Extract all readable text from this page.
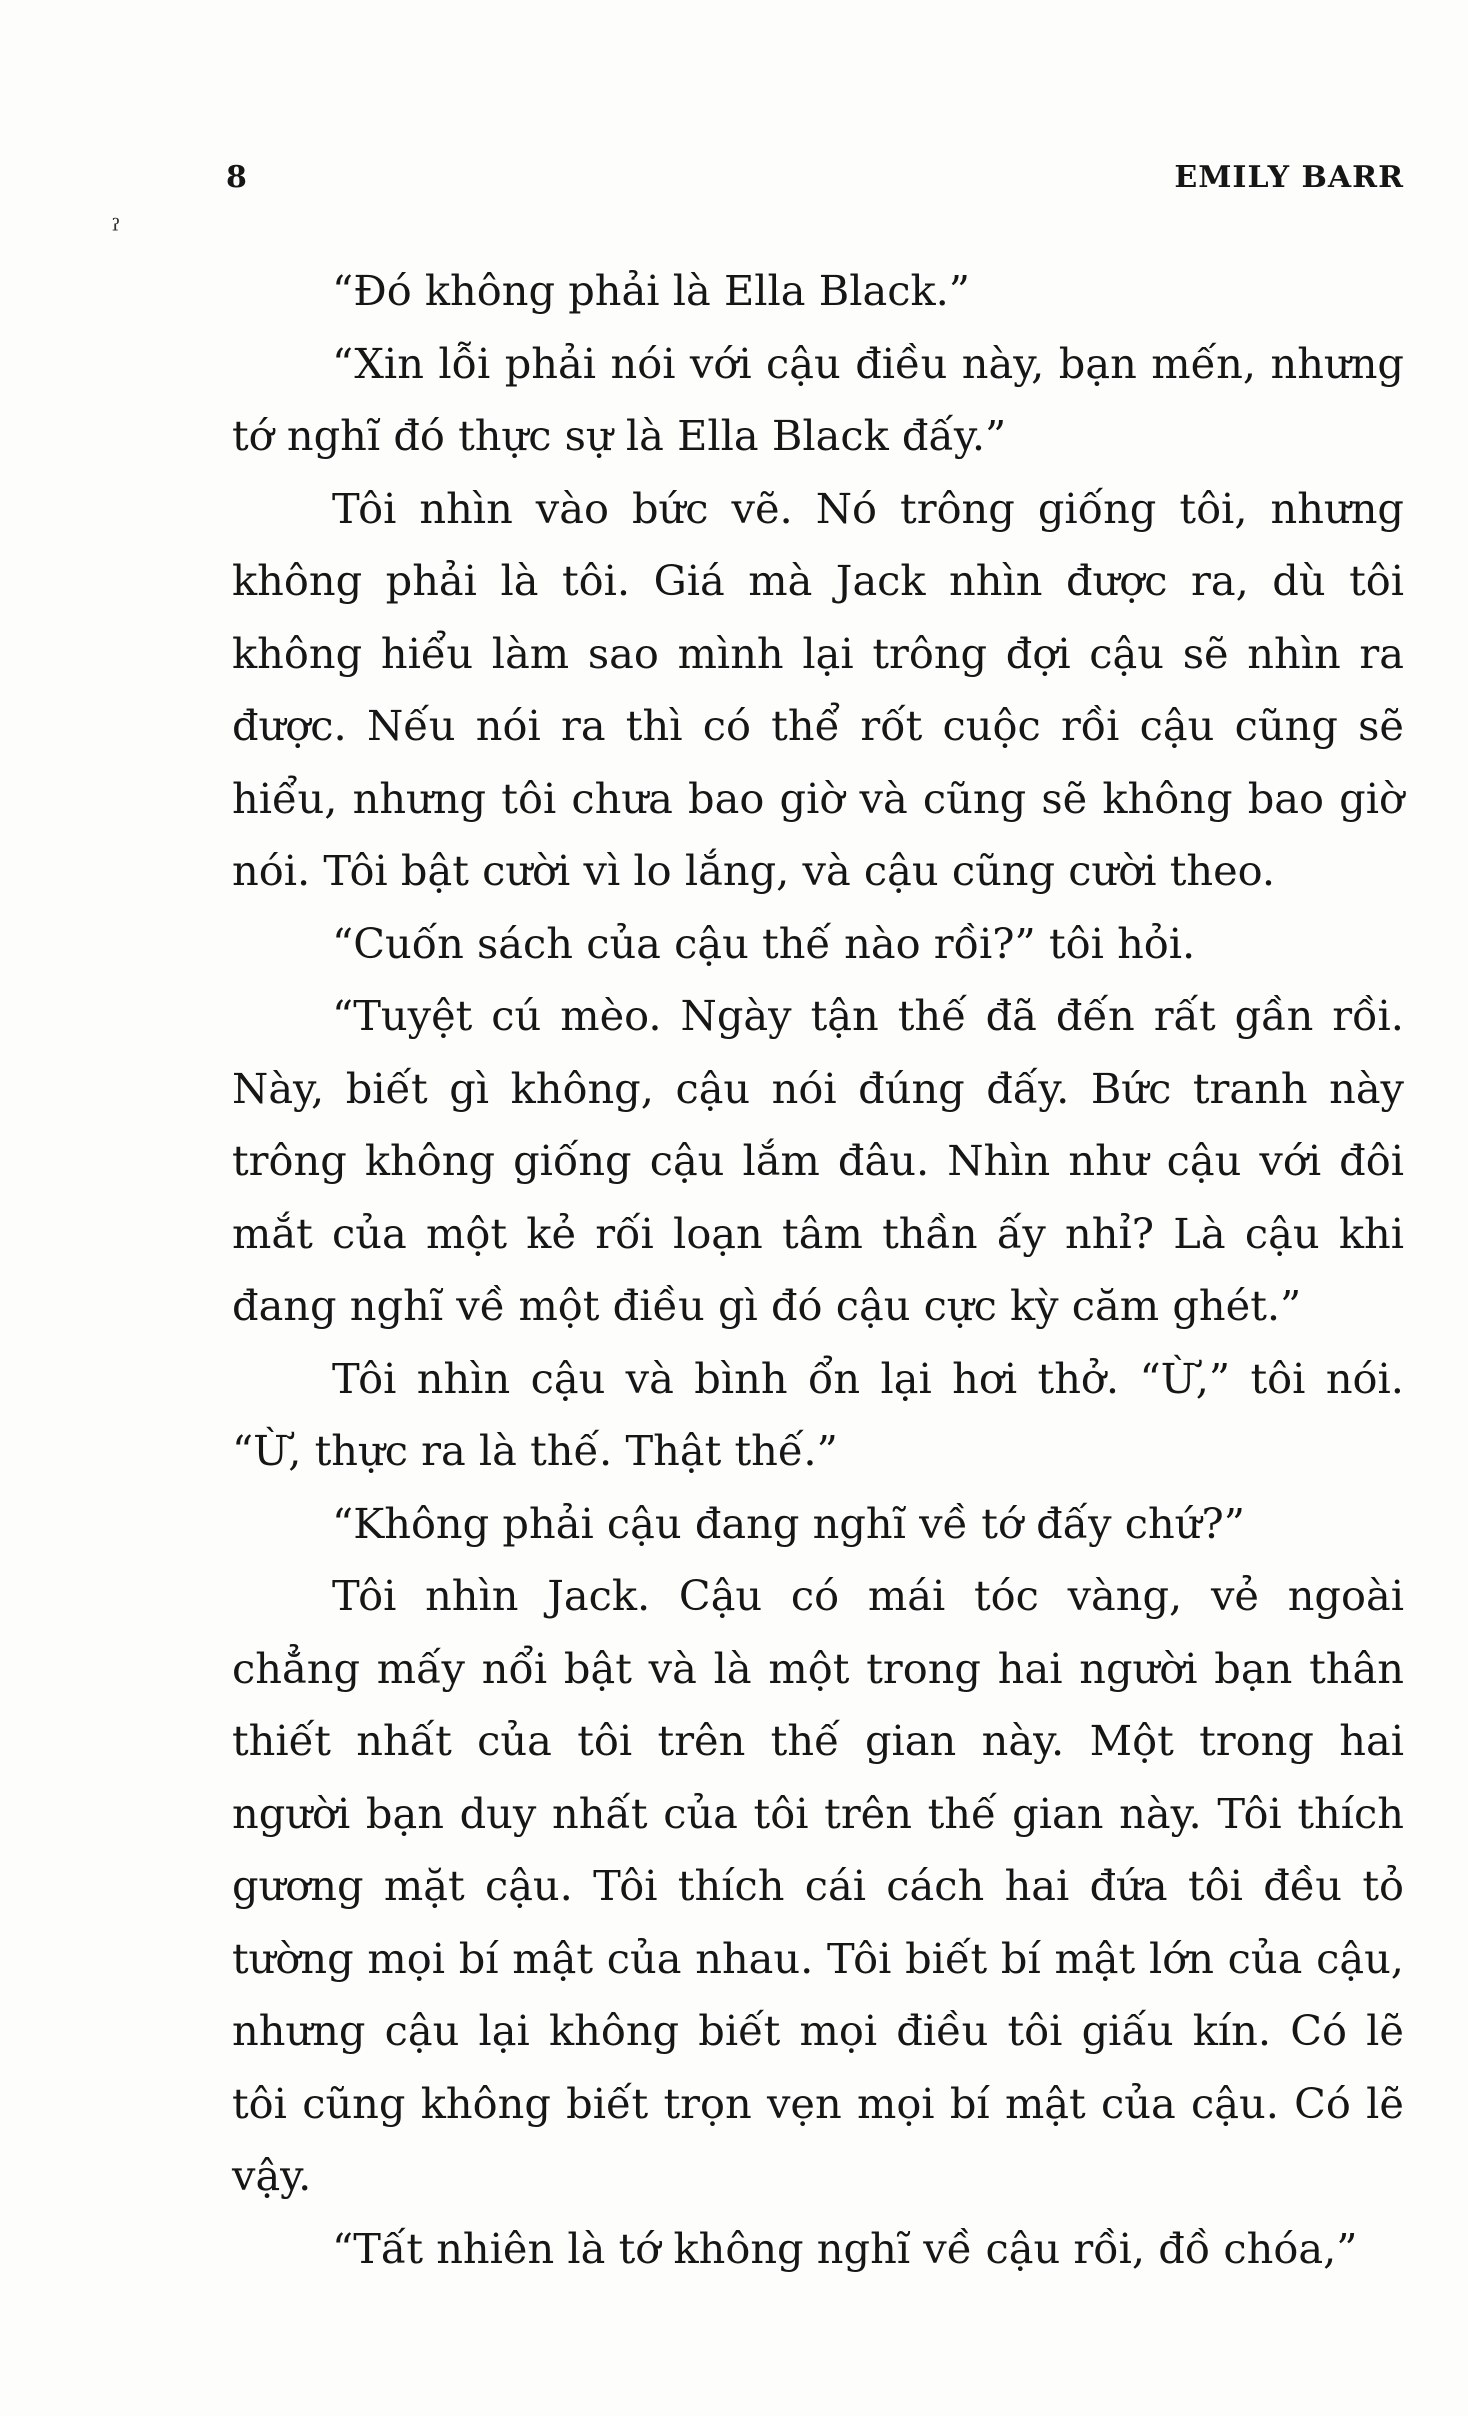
8	EMILY BARR
ˀ

“Đó không phải là Ella Black.”

“Xin lỗi phải nói với cậu điều này, bạn mến, nhưng tớ nghĩ đó thực sự là Ella Black đấy.”

Tôi nhìn vào bức vẽ. Nó trông giống tôi, nhưng không phải là tôi. Giá mà Jack nhìn được ra, dù tôi không hiểu làm sao mình lại trông đợi cậu sẽ nhìn ra được. Nếu nói ra thì có thể rốt cuộc rồi cậu cũng sẽ hiểu, nhưng tôi chưa bao giờ và cũng sẽ không bao giờ nói. Tôi bật cười vì lo lắng, và cậu cũng cười theo.

“Cuốn sách của cậu thế nào rồi?” tôi hỏi.

“Tuyệt cú mèo. Ngày tận thế đã đến rất gần rồi. Này, biết gì không, cậu nói đúng đấy. Bức tranh này trông không giống cậu lắm đâu. Nhìn như cậu với đôi mắt của một kẻ rối loạn tâm thần ấy nhỉ? Là cậu khi đang nghĩ về một điều gì đó cậu cực kỳ căm ghét.”

Tôi nhìn cậu và bình ổn lại hơi thở. “Ừ,” tôi nói. “Ừ, thực ra là thế. Thật thế.”

“Không phải cậu đang nghĩ về tớ đấy chứ?”

Tôi nhìn Jack. Cậu có mái tóc vàng, vẻ ngoài chẳng mấy nổi bật và là một trong hai người bạn thân thiết nhất của tôi trên thế gian này. Một trong hai người bạn duy nhất của tôi trên thế gian này. Tôi thích gương mặt cậu. Tôi thích cái cách hai đứa tôi đều tỏ tường mọi bí mật của nhau. Tôi biết bí mật lớn của cậu, nhưng cậu lại không biết mọi điều tôi giấu kín. Có lẽ tôi cũng không biết trọn vẹn mọi bí mật của cậu. Có lẽ vậy.

“Tất nhiên là tớ không nghĩ về cậu rồi, đồ chóa,”
